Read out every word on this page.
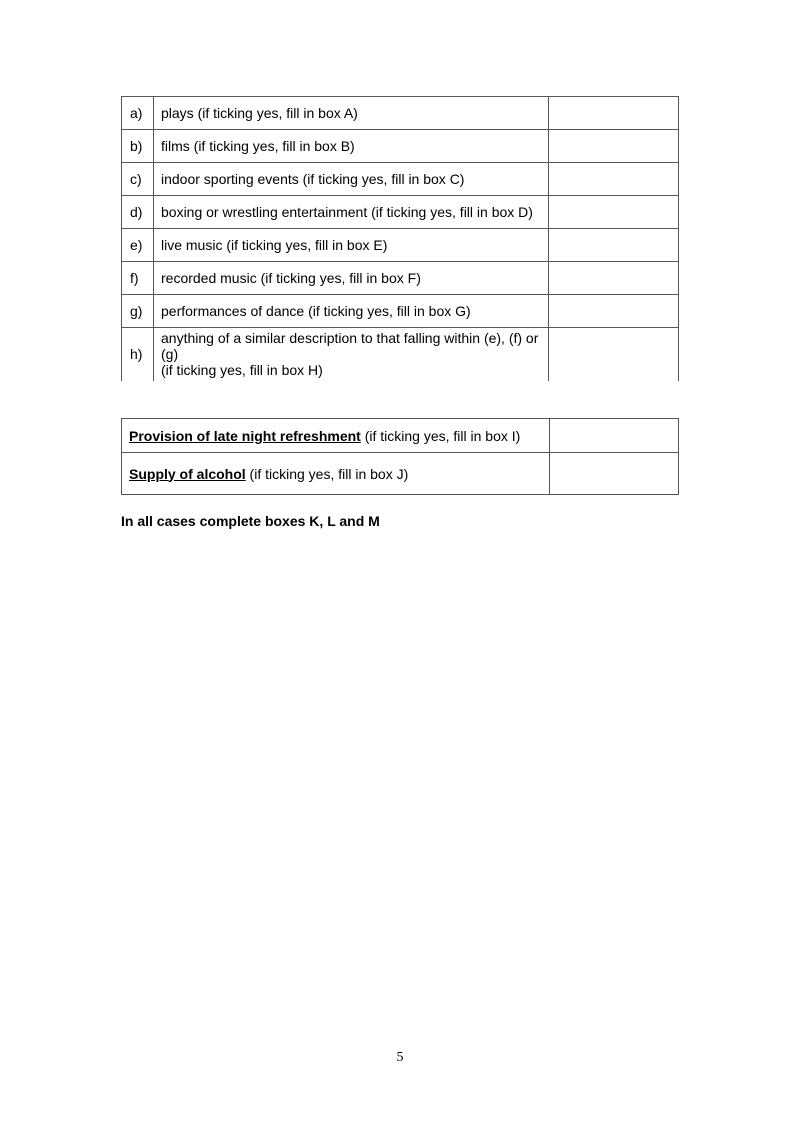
a)	plays (if ticking yes, fill in box A)	
b)	films (if ticking yes, fill in box B)	
c)	indoor sporting events (if ticking yes, fill in box C)	
d)	boxing or wrestling entertainment (if ticking yes, fill in box D)	
e)	live music (if ticking yes, fill in box E)	
f)	recorded music (if ticking yes, fill in box F)	
g)	performances of dance (if ticking yes, fill in box G)	
h)	anything of a similar description to that falling within (e), (f) or (g)
(if ticking yes, fill in box H)	

Provision of late night refreshment (if ticking yes, fill in box I)	
Supply of alcohol (if ticking yes, fill in box J)	

In all cases complete boxes K, L and M

5
